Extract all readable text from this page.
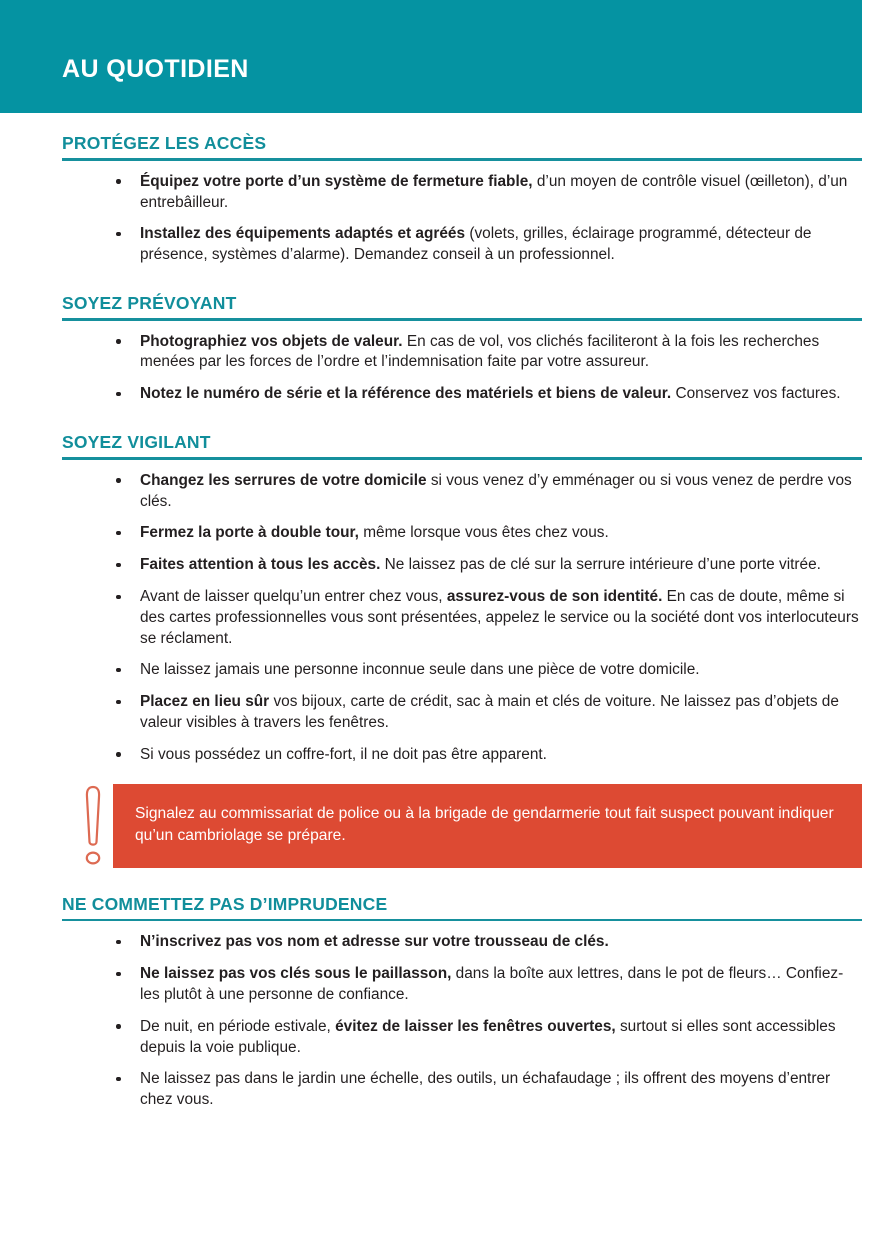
AU QUOTIDIEN
PROTÉGEZ LES ACCÈS
Équipez votre porte d’un système de fermeture fiable, d’un moyen de contrôle visuel (œilleton), d’un entrebâilleur.
Installez des équipements adaptés et agréés (volets, grilles, éclairage programmé, détecteur de présence, systèmes d’alarme). Demandez conseil à un professionnel.
SOYEZ PRÉVOYANT
Photographiez vos objets de valeur. En cas de vol, vos clichés faciliteront à la fois les recherches menées par les forces de l’ordre et l’indemnisation faite par votre assureur.
Notez le numéro de série et la référence des matériels et biens de valeur. Conservez vos factures.
SOYEZ VIGILANT
Changez les serrures de votre domicile si vous venez d’y emménager ou si vous venez de perdre vos clés.
Fermez la porte à double tour, même lorsque vous êtes chez vous.
Faites attention à tous les accès. Ne laissez pas de clé sur la serrure intérieure d’une porte vitrée.
Avant de laisser quelqu’un entrer chez vous, assurez-vous de son identité. En cas de doute, même si des cartes professionnelles vous sont présentées, appelez le service ou la société dont vos interlocuteurs se réclament.
Ne laissez jamais une personne inconnue seule dans une pièce de votre domicile.
Placez en lieu sûr vos bijoux, carte de crédit, sac à main et clés de voiture. Ne laissez pas d’objets de valeur visibles à travers les fenêtres.
Si vous possédez un coffre-fort, il ne doit pas être apparent.
Signalez au commissariat de police ou à la brigade de gendarmerie tout fait suspect pouvant indiquer qu’un cambriolage se prépare.
NE COMMETTEZ PAS D’IMPRUDENCE
N’inscrivez pas vos nom et adresse sur votre trousseau de clés.
Ne laissez pas vos clés sous le paillasson, dans la boîte aux lettres, dans le pot de fleurs… Confiez-les plutôt à une personne de confiance.
De nuit, en période estivale, évitez de laisser les fenêtres ouvertes, surtout si elles sont accessibles depuis la voie publique.
Ne laissez pas dans le jardin une échelle, des outils, un échafaudage ; ils offrent des moyens d’entrer chez vous.
